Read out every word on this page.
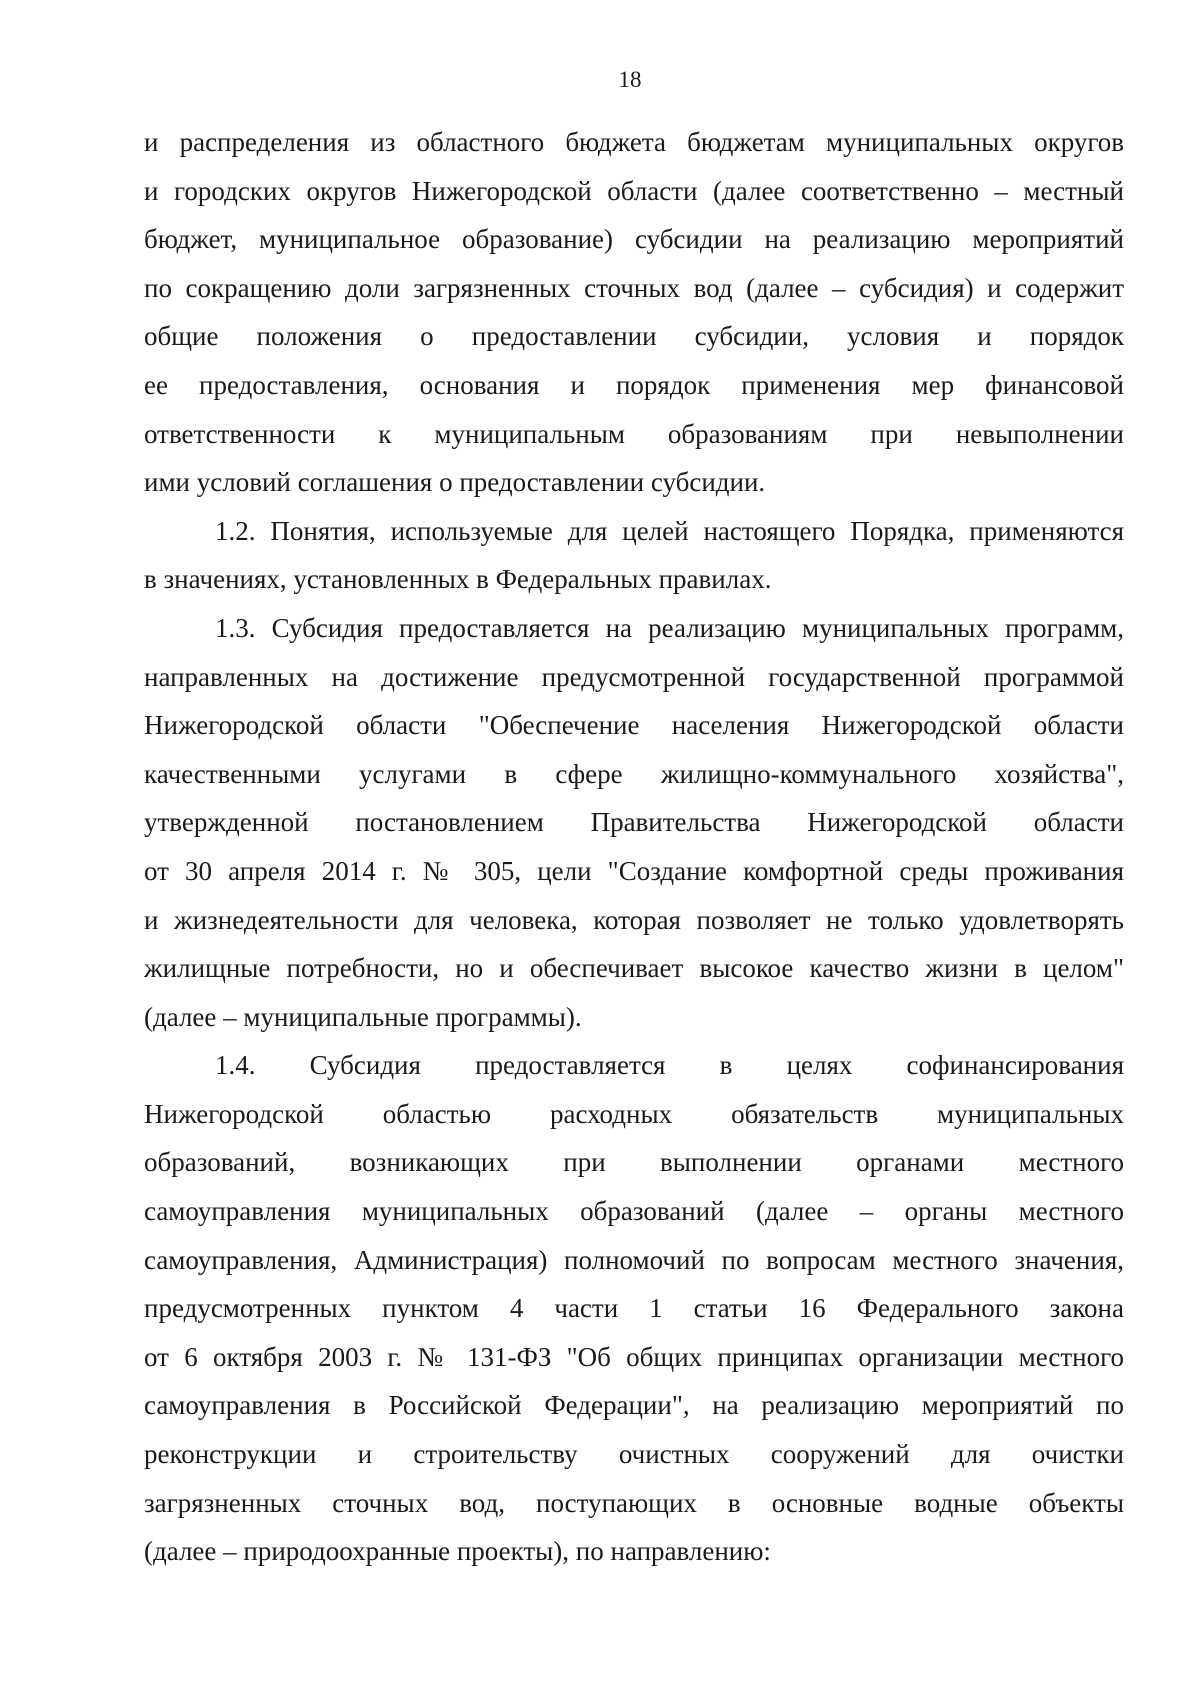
18
и распределения из областного бюджета бюджетам муниципальных округов
и городских округов Нижегородской области (далее соответственно – местный
бюджет, муниципальное образование) субсидии на реализацию мероприятий
по сокращению доли загрязненных сточных вод (далее – субсидия) и содержит
общие положения о предоставлении субсидии, условия и порядок
ее предоставления, основания и порядок применения мер финансовой
ответственности к муниципальным образованиям при невыполнении
ими условий соглашения о предоставлении субсидии.
1.2. Понятия, используемые для целей настоящего Порядка, применяются
в значениях, установленных в Федеральных правилах.
1.3. Субсидия предоставляется на реализацию муниципальных программ,
направленных на достижение предусмотренной государственной программой
Нижегородской области "Обеспечение населения Нижегородской области
качественными услугами в сфере жилищно-коммунального хозяйства",
утвержденной постановлением Правительства Нижегородской области
от 30 апреля 2014 г. № 305, цели "Создание комфортной среды проживания
и жизнедеятельности для человека, которая позволяет не только удовлетворять
жилищные потребности, но и обеспечивает высокое качество жизни в целом"
(далее – муниципальные программы).
1.4. Субсидия предоставляется в целях софинансирования
Нижегородской областью расходных обязательств муниципальных
образований, возникающих при выполнении органами местного
самоуправления муниципальных образований (далее – органы местного
самоуправления, Администрация) полномочий по вопросам местного значения,
предусмотренных пунктом 4 части 1 статьи 16 Федерального закона
от 6 октября 2003 г. № 131-ФЗ "Об общих принципах организации местного
самоуправления в Российской Федерации", на реализацию мероприятий по
реконструкции и строительству очистных сооружений для очистки
загрязненных сточных вод, поступающих в основные водные объекты
(далее – природоохранные проекты), по направлению:
